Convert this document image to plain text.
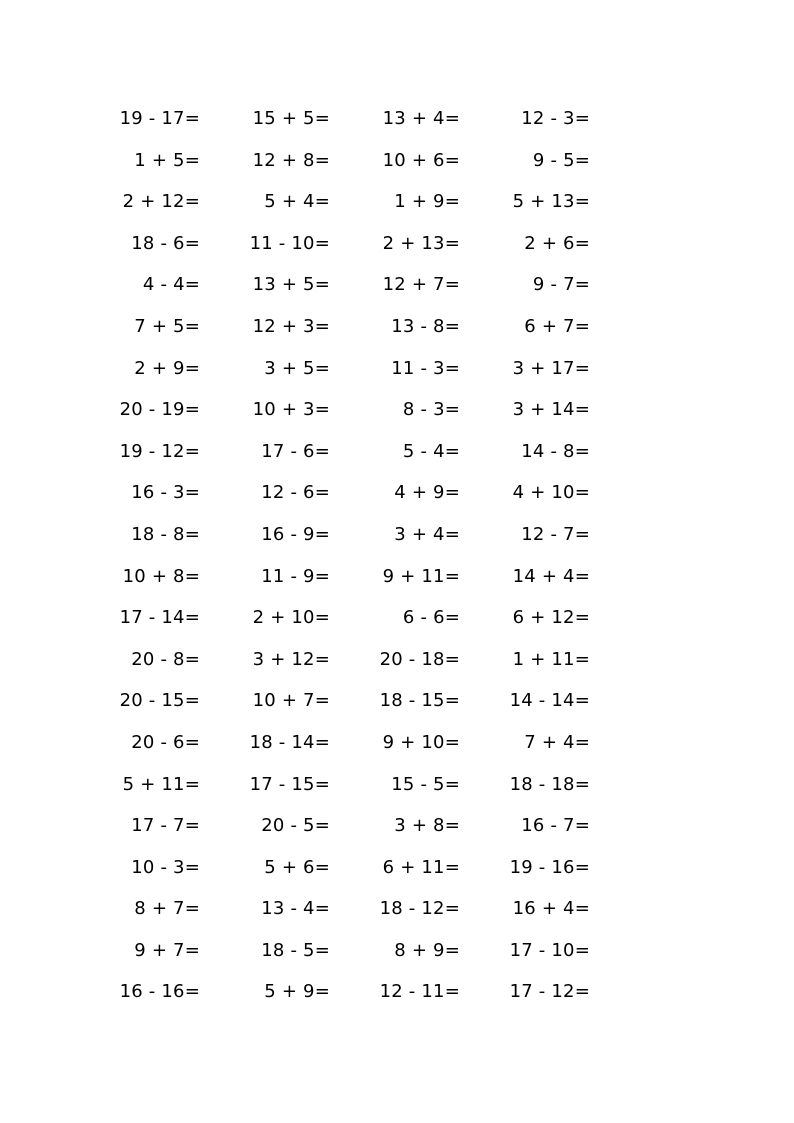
19 - 17=	15 + 5=	13 + 4=	12 - 3=
1 + 5=	12 + 8=	10 + 6=	9 - 5=
2 + 12=	5 + 4=	1 + 9=	5 + 13=
18 - 6=	11 - 10=	2 + 13=	2 + 6=
4 - 4=	13 + 5=	12 + 7=	9 - 7=
7 + 5=	12 + 3=	13 - 8=	6 + 7=
2 + 9=	3 + 5=	11 - 3=	3 + 17=
20 - 19=	10 + 3=	8 - 3=	3 + 14=
19 - 12=	17 - 6=	5 - 4=	14 - 8=
16 - 3=	12 - 6=	4 + 9=	4 + 10=
18 - 8=	16 - 9=	3 + 4=	12 - 7=
10 + 8=	11 - 9=	9 + 11=	14 + 4=
17 - 14=	2 + 10=	6 - 6=	6 + 12=
20 - 8=	3 + 12=	20 - 18=	1 + 11=
20 - 15=	10 + 7=	18 - 15=	14 - 14=
20 - 6=	18 - 14=	9 + 10=	7 + 4=
5 + 11=	17 - 15=	15 - 5=	18 - 18=
17 - 7=	20 - 5=	3 + 8=	16 - 7=
10 - 3=	5 + 6=	6 + 11=	19 - 16=
8 + 7=	13 - 4=	18 - 12=	16 + 4=
9 + 7=	18 - 5=	8 + 9=	17 - 10=
16 - 16=	5 + 9=	12 - 11=	17 - 12=
